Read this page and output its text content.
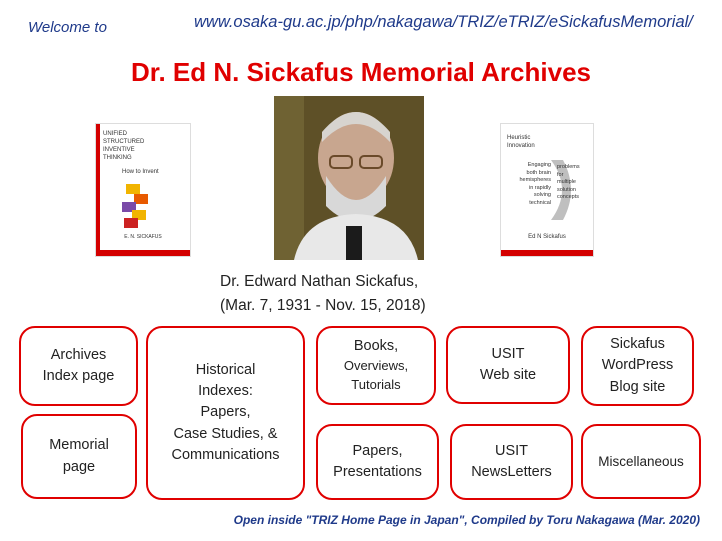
Welcome to	www.osaka-gu.ac.jp/php/nakagawa/TRIZ/eTRIZ/eSickafusMemorial/
Dr. Ed N. Sickafus Memorial Archives
UNIFIED
STRUCTURED
INVENTIVE
THINKING
How to Invent
E. N. SICKAFUS
Heuristic
Innovation
Engaging
both brain
hemispheres
in rapidly
solving
technical
problems
for
multiple
solution
concepts
Ed N Sickafus
Dr. Edward Nathan Sickafus,
(Mar. 7, 1931 - Nov. 15, 2018)
Archives
Index page
Memorial
page
Historical
Indexes:
Papers,
Case Studies, &
Communications
Books,
Overviews,
Tutorials
USIT
Web site
Sickafus
WordPress
Blog site
Papers,
Presentations
USIT
NewsLetters
Miscellaneous
Open inside "TRIZ Home Page in Japan", Compiled by Toru Nakagawa (Mar. 2020)
